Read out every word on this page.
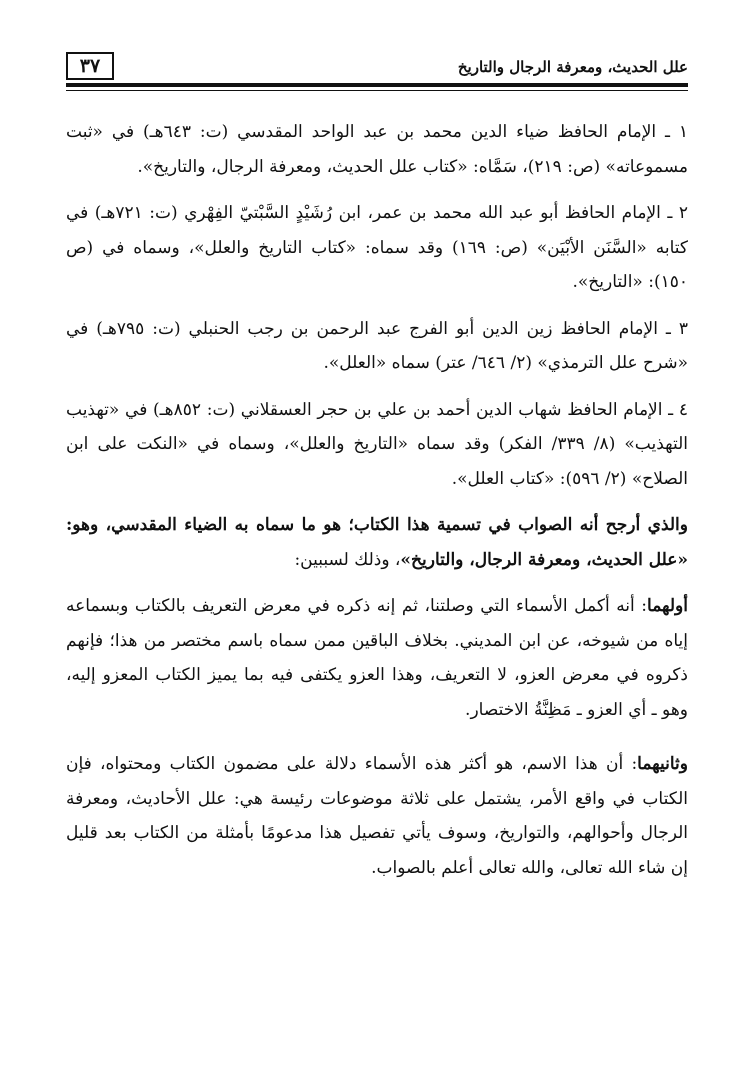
٣٧	علل الحديث، ومعرفة الرجال والتاريخ

١ ـ الإمام الحافظ ضياء الدين محمد بن عبد الواحد المقدسي (ت: ٦٤٣هـ) في «ثبت مسموعاته» (ص: ٢١٩)، سَمَّاه: «كتاب علل الحديث، ومعرفة الرجال، والتاريخ».

٢ ـ الإمام الحافظ أبو عبد الله محمد بن عمر، ابن رُشَيْدٍ السَّبْتيّ الفِهْري (ت: ٧٢١هـ) في كتابه «السَّنَن الأبْيَن» (ص: ١٦٩) وقد سماه: «كتاب التاريخ والعلل»، وسماه في (ص ١٥٠): «التاريخ».

٣ ـ الإمام الحافظ زين الدين أبو الفرج عبد الرحمن بن رجب الحنبلي (ت: ٧٩٥هـ) في «شرح علل الترمذي» (٢/ ٦٤٦/ عتر) سماه «العلل».

٤ ـ الإمام الحافظ شهاب الدين أحمد بن علي بن حجر العسقلاني (ت: ٨٥٢هـ) في «تهذيب التهذيب» (٨/ ٣٣٩/ الفكر) وقد سماه «التاريخ والعلل»، وسماه في «النكت على ابن الصلاح» (٢/ ٥٩٦): «كتاب العلل».

والذي أرجح أنه الصواب في تسمية هذا الكتاب؛ هو ما سماه به الضياء المقدسي، وهو: «علل الحديث، ومعرفة الرجال، والتاريخ»، وذلك لسببين:

أولهما: أنه أكمل الأسماء التي وصلتنا، ثم إنه ذكره في معرض التعريف بالكتاب وبسماعه إياه من شيوخه، عن ابن المديني. بخلاف الباقين ممن سماه باسم مختصر من هذا؛ فإنهم ذكروه في معرض العزو، لا التعريف، وهذا العزو يكتفى فيه بما يميز الكتاب المعزو إليه، وهو ـ أي العزو ـ مَظِنَّةُ الاختصار.

وثانيهما: أن هذا الاسم، هو أكثر هذه الأسماء دلالة على مضمون الكتاب ومحتواه، فإن الكتاب في واقع الأمر، يشتمل على ثلاثة موضوعات رئيسة هي: علل الأحاديث، ومعرفة الرجال وأحوالهم، والتواريخ، وسوف يأتي تفصيل هذا مدعومًا بأمثلة من الكتاب بعد قليل إن شاء الله تعالى، والله تعالى أعلم بالصواب.
